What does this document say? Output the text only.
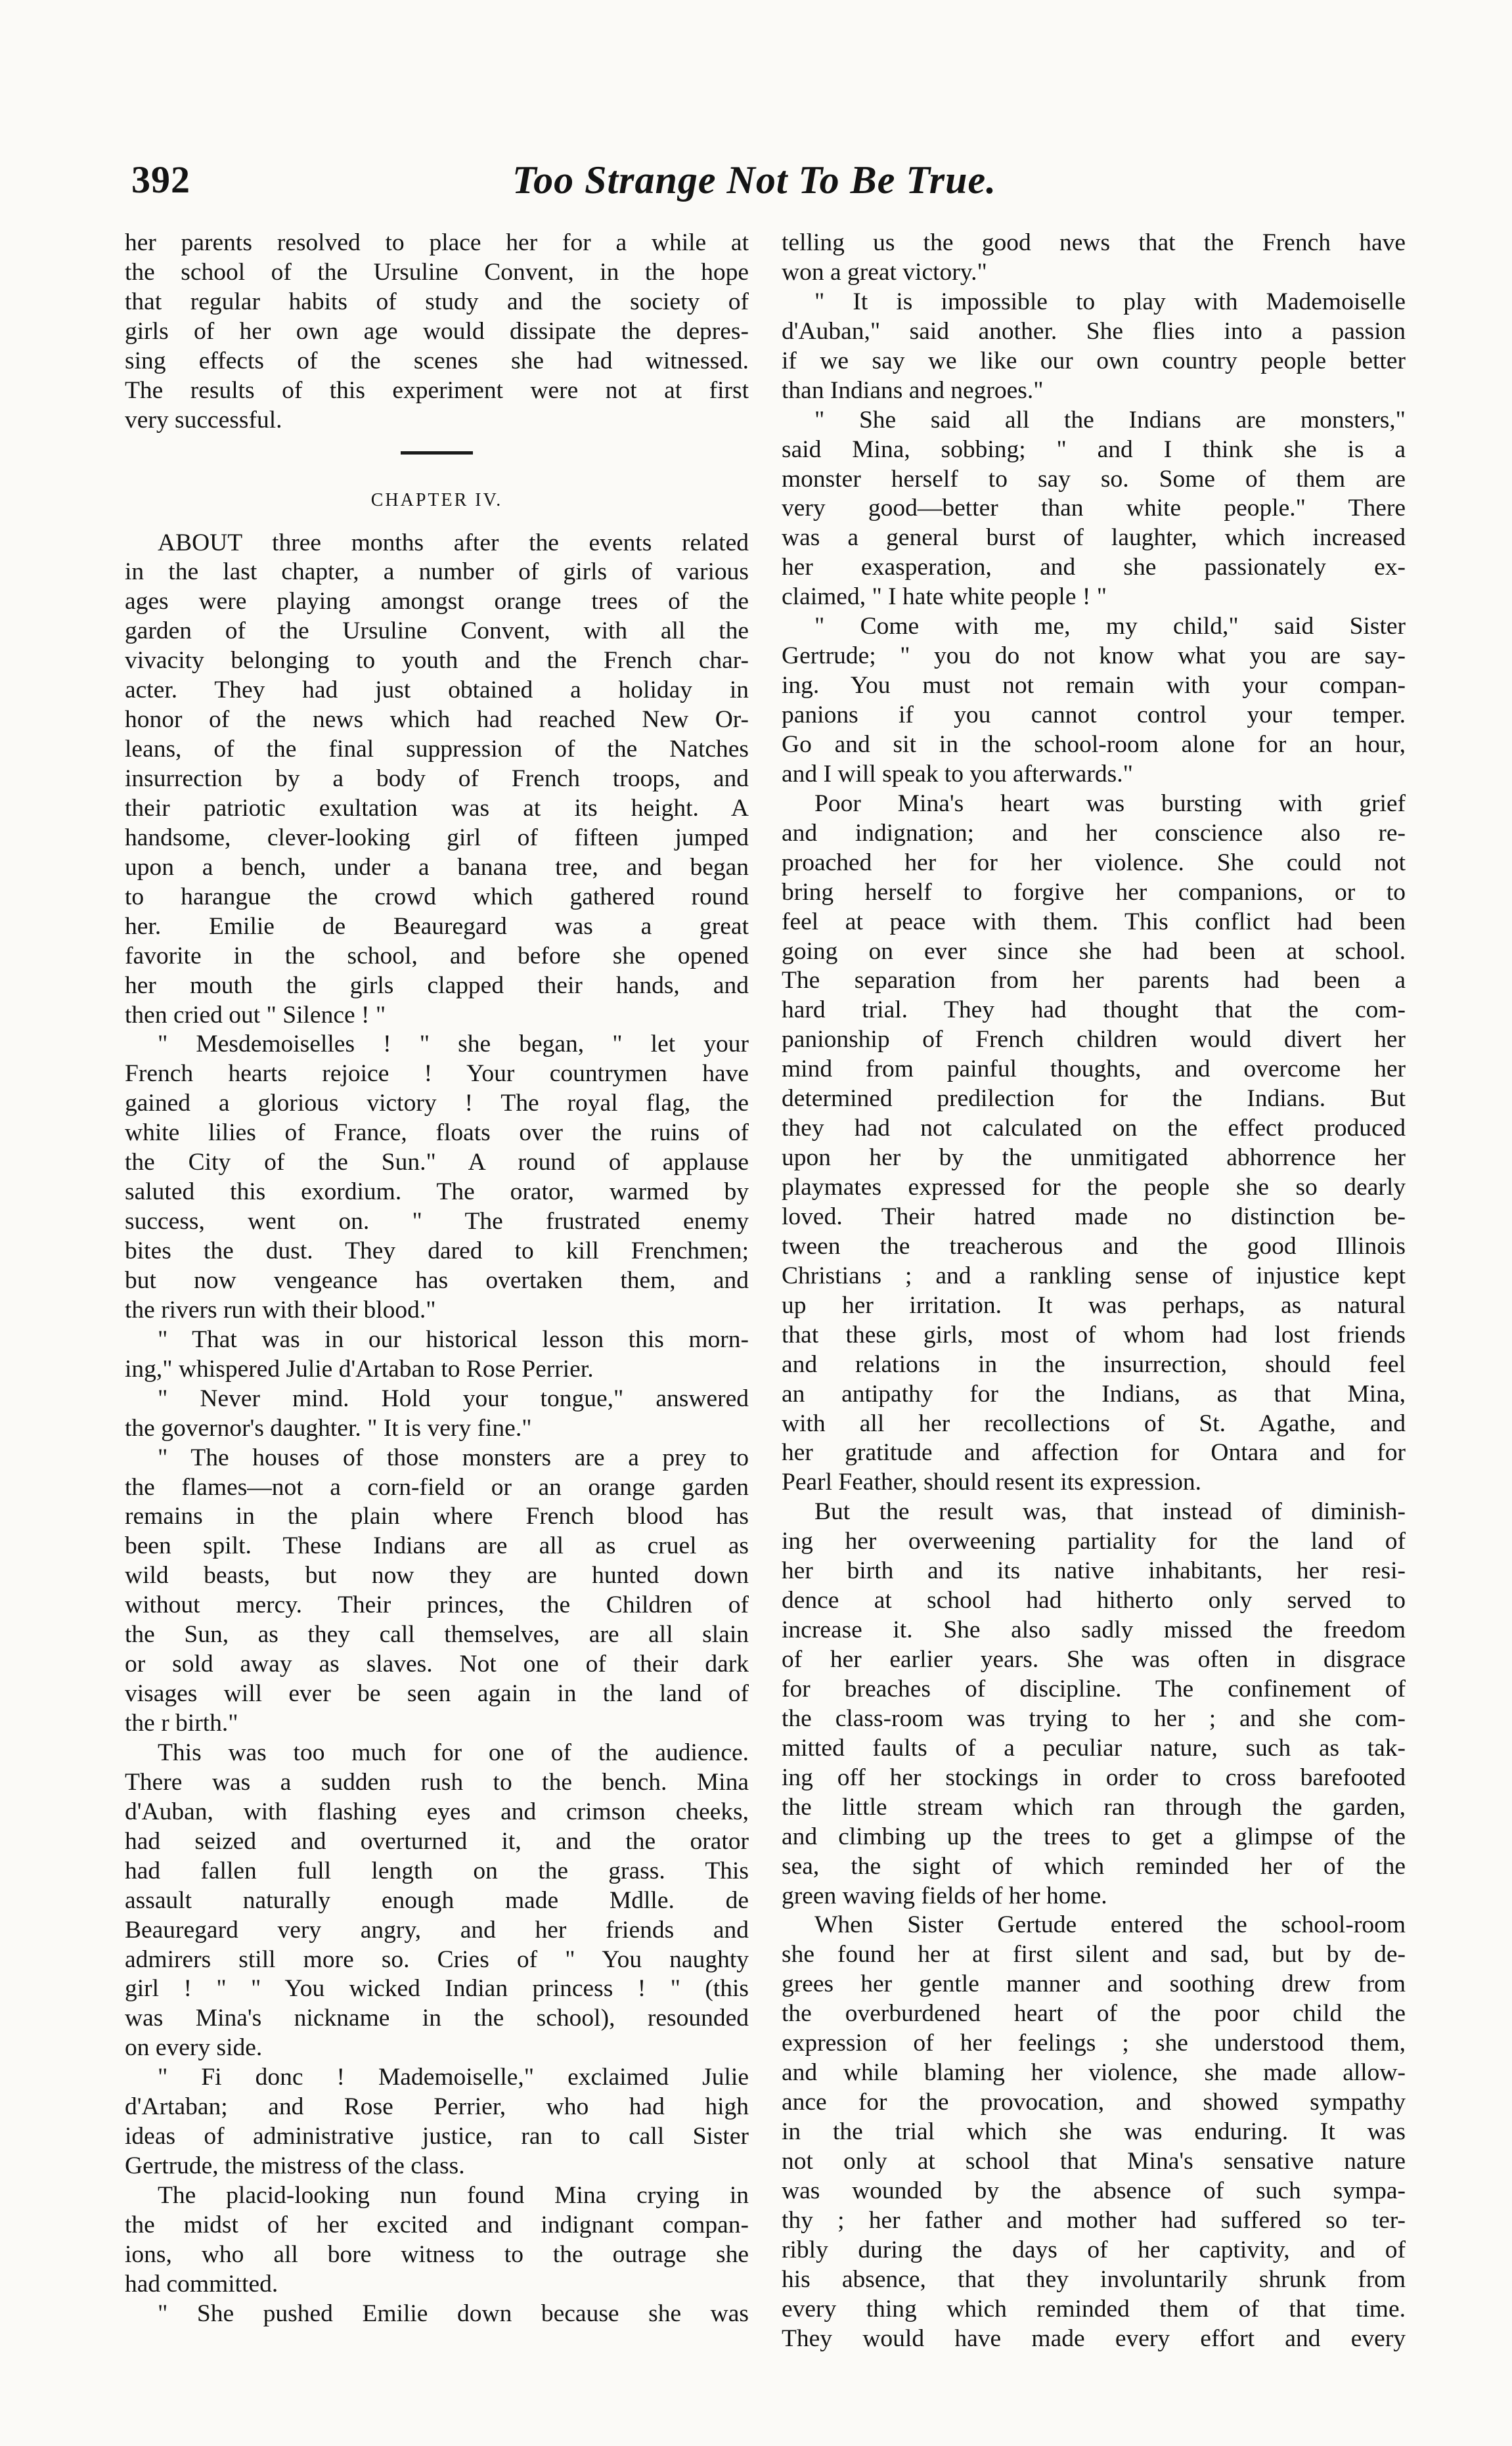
392	Too Strange Not To Be True.
her parents resolved to place her for a while at
the school of the Ursuline Convent, in the hope
that regular habits of study and the society of
girls of her own age would dissipate the depres-
sing effects of the scenes she had witnessed.
The results of this experiment were not at first
very successful.
CHAPTER IV.
ABOUT three months after the events related
in the last chapter, a number of girls of various
ages were playing amongst orange trees of the
garden of the Ursuline Convent, with all the
vivacity belonging to youth and the French char-
acter. They had just obtained a holiday in
honor of the news which had reached New Or-
leans, of the final suppression of the Natches
insurrection by a body of French troops, and
their patriotic exultation was at its height. A
handsome, clever-looking girl of fifteen jumped
upon a bench, under a banana tree, and began
to harangue the crowd which gathered round
her. Emilie de Beauregard was a great
favorite in the school, and before she opened
her mouth the girls clapped their hands, and
then cried out " Silence ! "
" Mesdemoiselles ! " she began, " let your
French hearts rejoice ! Your countrymen have
gained a glorious victory ! The royal flag, the
white lilies of France, floats over the ruins of
the City of the Sun." A round of applause
saluted this exordium. The orator, warmed by
success, went on. " The frustrated enemy
bites the dust. They dared to kill Frenchmen;
but now vengeance has overtaken them, and
the rivers run with their blood."
" That was in our historical lesson this morn-
ing," whispered Julie d'Artaban to Rose Perrier.
" Never mind. Hold your tongue," answered
the governor's daughter. " It is very fine."
" The houses of those monsters are a prey to
the flames—not a corn-field or an orange garden
remains in the plain where French blood has
been spilt. These Indians are all as cruel as
wild beasts, but now they are hunted down
without mercy. Their princes, the Children of
the Sun, as they call themselves, are all slain
or sold away as slaves. Not one of their dark
visages will ever be seen again in the land of
the r birth."
This was too much for one of the audience.
There was a sudden rush to the bench. Mina
d'Auban, with flashing eyes and crimson cheeks,
had seized and overturned it, and the orator
had fallen full length on the grass. This
assault naturally enough made Mdlle. de
Beauregard very angry, and her friends and
admirers still more so. Cries of " You naughty
girl ! " " You wicked Indian princess ! " (this
was Mina's nickname in the school), resounded
on every side.
" Fi donc ! Mademoiselle," exclaimed Julie
d'Artaban; and Rose Perrier, who had high
ideas of administrative justice, ran to call Sister
Gertrude, the mistress of the class.
The placid-looking nun found Mina crying in
the midst of her excited and indignant compan-
ions, who all bore witness to the outrage she
had committed.
" She pushed Emilie down because she was
telling us the good news that the French have
won a great victory."
" It is impossible to play with Mademoiselle
d'Auban," said another. She flies into a passion
if we say we like our own country people better
than Indians and negroes."
" She said all the Indians are monsters,"
said Mina, sobbing; " and I think she is a
monster herself to say so. Some of them are
very good—better than white people." There
was a general burst of laughter, which increased
her exasperation, and she passionately ex-
claimed, " I hate white people ! "
" Come with me, my child," said Sister
Gertrude; " you do not know what you are say-
ing. You must not remain with your compan-
panions if you cannot control your temper.
Go and sit in the school-room alone for an hour,
and I will speak to you afterwards."
Poor Mina's heart was bursting with grief
and indignation; and her conscience also re-
proached her for her violence. She could not
bring herself to forgive her companions, or to
feel at peace with them. This conflict had been
going on ever since she had been at school.
The separation from her parents had been a
hard trial. They had thought that the com-
panionship of French children would divert her
mind from painful thoughts, and overcome her
determined predilection for the Indians. But
they had not calculated on the effect produced
upon her by the unmitigated abhorrence her
playmates expressed for the people she so dearly
loved. Their hatred made no distinction be-
tween the treacherous and the good Illinois
Christians ; and a rankling sense of injustice kept
up her irritation. It was perhaps, as natural
that these girls, most of whom had lost friends
and relations in the insurrection, should feel
an antipathy for the Indians, as that Mina,
with all her recollections of St. Agathe, and
her gratitude and affection for Ontara and for
Pearl Feather, should resent its expression.
But the result was, that instead of diminish-
ing her overweening partiality for the land of
her birth and its native inhabitants, her resi-
dence at school had hitherto only served to
increase it. She also sadly missed the freedom
of her earlier years. She was often in disgrace
for breaches of discipline. The confinement of
the class-room was trying to her ; and she com-
mitted faults of a peculiar nature, such as tak-
ing off her stockings in order to cross barefooted
the little stream which ran through the garden,
and climbing up the trees to get a glimpse of the
sea, the sight of which reminded her of the
green waving fields of her home.
When Sister Gertude entered the school-room
she found her at first silent and sad, but by de-
grees her gentle manner and soothing drew from
the overburdened heart of the poor child the
expression of her feelings ; she understood them,
and while blaming her violence, she made allow-
ance for the provocation, and showed sympathy
in the trial which she was enduring. It was
not only at school that Mina's sensative nature
was wounded by the absence of such sympa-
thy ; her father and mother had suffered so ter-
ribly during the days of her captivity, and of
his absence, that they involuntarily shrunk from
every thing which reminded them of that time.
They would have made every effort and every
